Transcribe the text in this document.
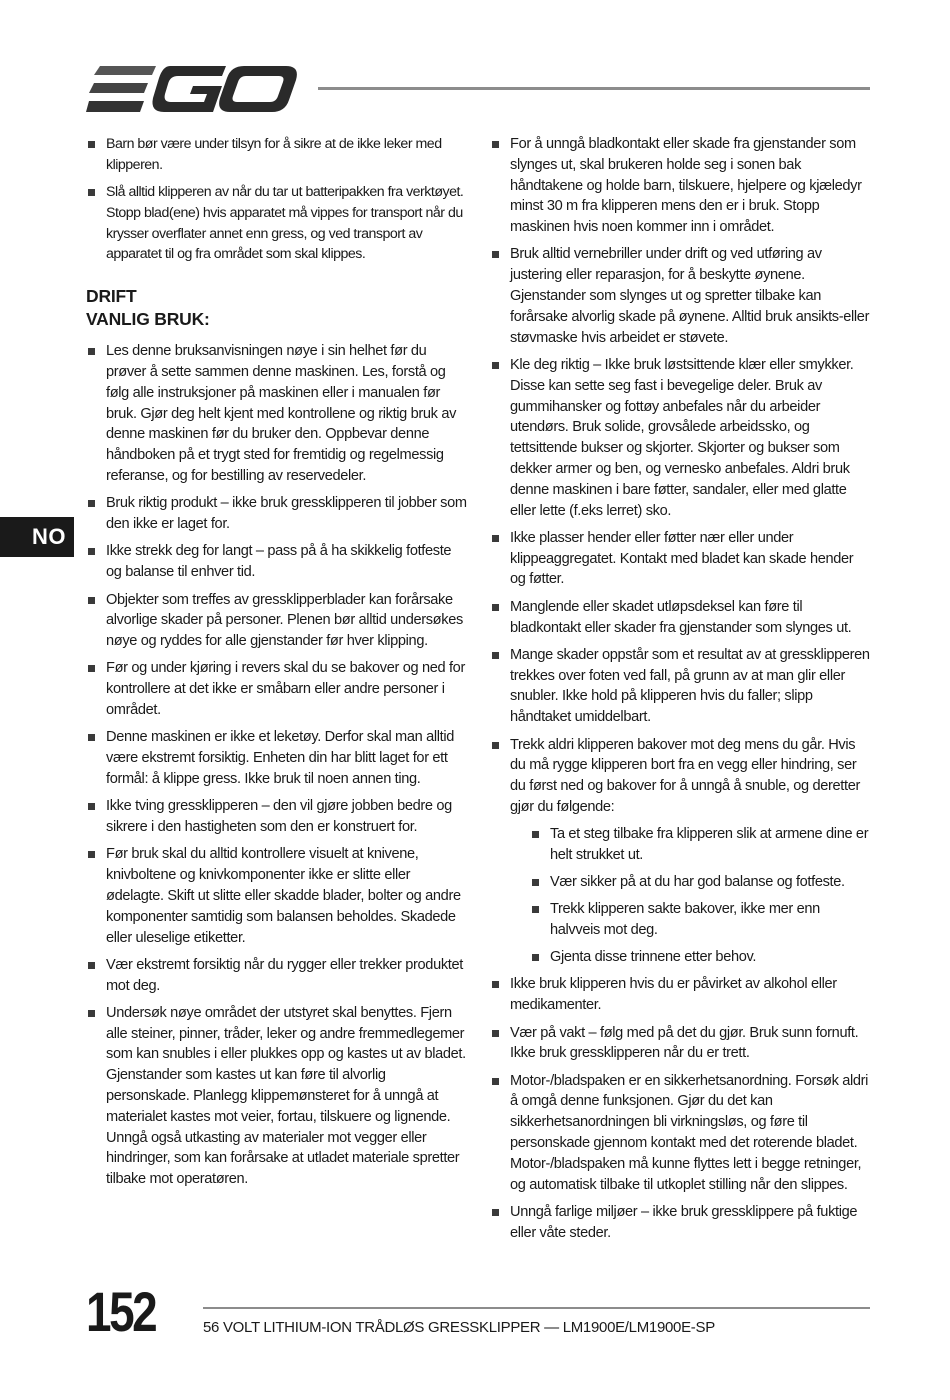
NO
Barn bør være under tilsyn for å sikre at de ikke leker med klipperen.
Slå alltid klipperen av når du tar ut batteripakken fra verktøyet. Stopp blad(ene) hvis apparatet må vippes for transport når du krysser overflater annet enn gress, og ved transport av apparatet til og fra området som skal klippes.
DRIFT
VANLIG BRUK:
Les denne bruksanvisningen nøye i sin helhet før du prøver å sette sammen denne maskinen. Les, forstå og følg alle instruksjoner på maskinen eller i manualen før bruk. Gjør deg helt kjent med kontrollene og riktig bruk av denne maskinen før du bruker den. Oppbevar denne håndboken på et trygt sted for fremtidig og regelmessig referanse, og for bestilling av reservedeler.
Bruk riktig produkt – ikke bruk gressklipperen til jobber som den ikke er laget for.
Ikke strekk deg for langt – pass på å ha skikkelig fotfeste og balanse til enhver tid.
Objekter som treffes av gressklipperblader kan forårsake alvorlige skader på personer. Plenen bør alltid undersøkes nøye og ryddes for alle gjenstander før hver klipping.
Før og under kjøring i revers skal du se bakover og ned for kontrollere at det ikke er småbarn eller andre personer i området.
Denne maskinen er ikke et leketøy. Derfor skal man alltid være ekstremt forsiktig. Enheten din har blitt laget for ett formål: å klippe gress. Ikke bruk til noen annen ting.
Ikke tving gressklipperen – den vil gjøre jobben bedre og sikrere i den hastigheten som den er konstruert for.
Før bruk skal du alltid kontrollere visuelt at knivene, knivboltene og knivkomponenter ikke er slitte eller ødelagte. Skift ut slitte eller skadde blader, bolter og andre komponenter samtidig som balansen beholdes. Skadede eller uleselige etiketter.
Vær ekstremt forsiktig når du rygger eller trekker produktet mot deg.
Undersøk nøye området der utstyret skal benyttes. Fjern alle steiner, pinner, tråder, leker og andre fremmedlegemer som kan snubles i eller plukkes opp og kastes ut av bladet. Gjenstander som kastes ut kan føre til alvorlig personskade. Planlegg klippemønsteret for å unngå at materialet kastes mot veier, fortau, tilskuere og lignende. Unngå også utkasting av materialer mot vegger eller hindringer, som kan forårsake at utladet materiale spretter tilbake mot operatøren.
For å unngå bladkontakt eller skade fra gjenstander som slynges ut, skal brukeren holde seg i sonen bak håndtakene og holde barn, tilskuere, hjelpere og kjæledyr minst 30 m fra klipperen mens den er i bruk. Stopp maskinen hvis noen kommer inn i området.
Bruk alltid vernebriller under drift og ved utføring av justering eller reparasjon, for å beskytte øynene. Gjenstander som slynges ut og spretter tilbake kan forårsake alvorlig skade på øynene. Alltid bruk ansikts-eller støvmaske hvis arbeidet er støvete.
Kle deg riktig – Ikke bruk løstsittende klær eller smykker. Disse kan sette seg fast i bevegelige deler. Bruk av gummihansker og fottøy anbefales når du arbeider utendørs. Bruk solide, grovsålede arbeidssko, og tettsittende bukser og skjorter. Skjorter og bukser som dekker armer og ben, og vernesko anbefales. Aldri bruk denne maskinen i bare føtter, sandaler, eller med glatte eller lette (f.eks lerret) sko.
Ikke plasser hender eller føtter nær eller under klippeaggregatet. Kontakt med bladet kan skade hender og føtter.
Manglende eller skadet utløpsdeksel kan føre til bladkontakt eller skader fra gjenstander som slynges ut.
Mange skader oppstår som et resultat av at gressklipperen trekkes over foten ved fall, på grunn av at man glir eller snubler. Ikke hold på klipperen hvis du faller; slipp håndtaket umiddelbart.
Trekk aldri klipperen bakover mot deg mens du går. Hvis du må rygge klipperen bort fra en vegg eller hindring, ser du først ned og bakover for å unngå å snuble, og deretter gjør du følgende:
Ta et steg tilbake fra klipperen slik at armene dine er helt strukket ut.
Vær sikker på at du har god balanse og fotfeste.
Trekk klipperen sakte bakover, ikke mer enn halvveis mot deg.
Gjenta disse trinnene etter behov.
Ikke bruk klipperen hvis du er påvirket av alkohol eller medikamenter.
Vær på vakt – følg med på det du gjør. Bruk sunn fornuft. Ikke bruk gressklipperen når du er trett.
Motor-/bladspaken er en sikkerhetsanordning. Forsøk aldri å omgå denne funksjonen. Gjør du det kan sikkerhetsanordningen bli virkningsløs, og føre til personskade gjennom kontakt med det roterende bladet. Motor-/bladspaken må kunne flyttes lett i begge retninger, og automatisk tilbake til utkoplet stilling når den slippes.
Unngå farlige miljøer – ikke bruk gressklippere på fuktige eller våte steder.
152	56 VOLT LITHIUM-ION TRÅDLØS GRESSKLIPPER — LM1900E/LM1900E-SP
